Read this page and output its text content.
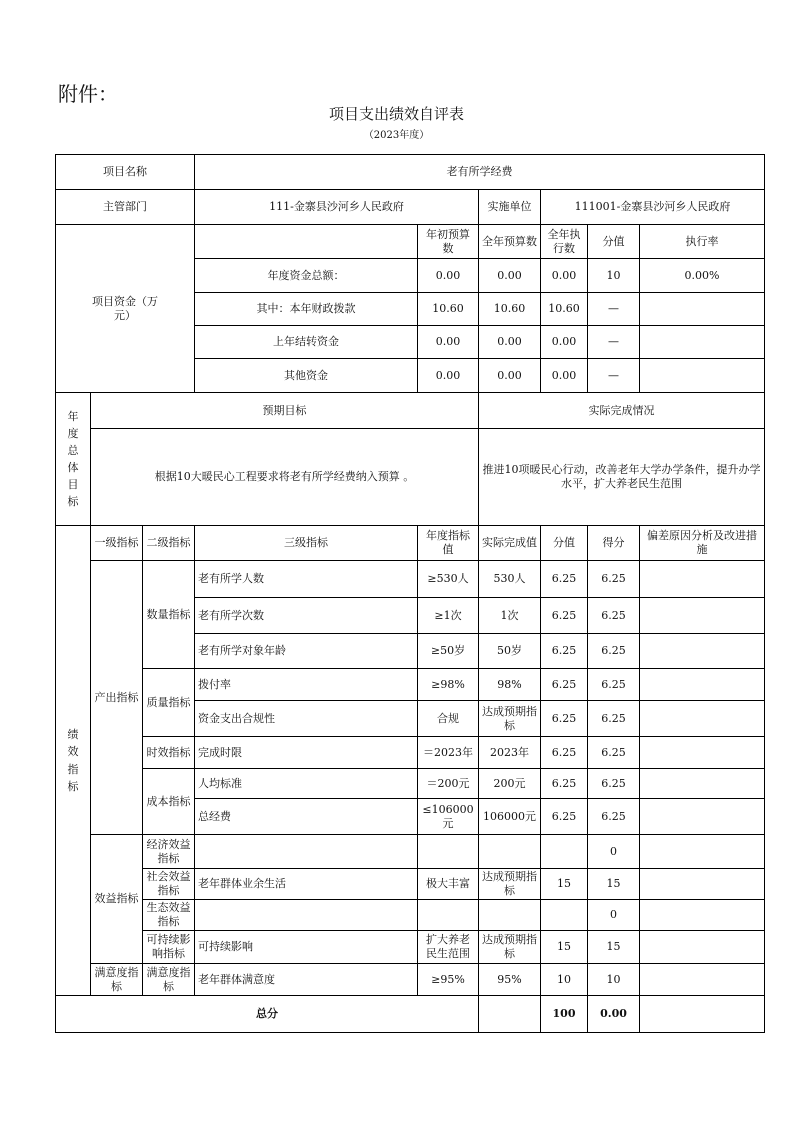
附件：
项目支出绩效自评表
（2023年度）
项目名称			老有所学经费						
主管部门			111-金寨县沙河乡人民政府		实施单位	111001-金寨县沙河乡人民政府			
项目资金（万元）				年初预算数	全年预算数	全年执行数	分值	执行率	
			年度资金总额：	0.00	0.00	0.00	10	0.00%	
			其中：本年财政拨款	10.60	10.60	10.60	—		
			上年结转资金	0.00	0.00	0.00	—		
			其他资金	0.00	0.00	0.00	—		

年度总体目标	预期目标				实际完成情况				
	根据10大暖民心工程要求将老有所学经费纳入预算 。				推进10项暖民心行动，改善老年大学办学条件，提升办学水平，扩大养老民生范围				

绩效指标	一级指标	二级指标	三级指标	年度指标值	实际完成值	分值	得分	偏差原因分析及改进措施	
	产出指标	数量指标	老有所学人数	≥530人	530人	6.25	6.25		
			老有所学次数	≥1次	1次	6.25	6.25		
			老有所学对象年龄	≥50岁	50岁	6.25	6.25		
		质量指标	拨付率	≥98%	98%	6.25	6.25		
			资金支出合规性	合规	达成预期指标	6.25	6.25		
		时效指标	完成时限	＝2023年	2023年	6.25	6.25		
		成本指标	人均标准	＝200元	200元	6.25	6.25		
			总经费	≤106000元	106000元	6.25	6.25		
	效益指标	经济效益指标					0		
		社会效益指标	老年群体业余生活	极大丰富	达成预期指标	15	15		
		生态效益指标					0		
		可持续影响指标	可持续影响	扩大养老民生范围	达成预期指标	15	15		
	满意度指标	满意度指标	老年群体满意度	≥95%	95%	10	10		
总分						100	0.00		
